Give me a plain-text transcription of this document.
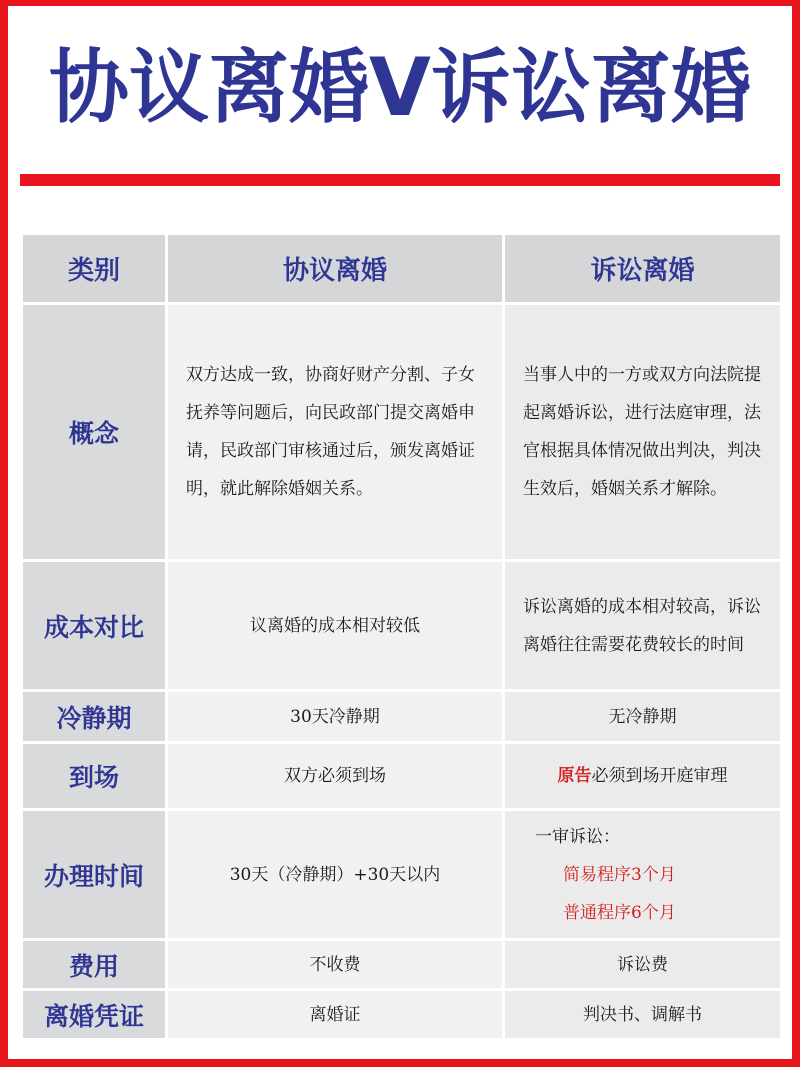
协议离婚V诉讼离婚
类别	协议离婚	诉讼离婚
概念	双方达成一致，协商好财产分割、子女抚养等问题后，向民政部门提交离婚申请，民政部门审核通过后，颁发离婚证明，就此解除婚姻关系。	当事人中的一方或双方向法院提起离婚诉讼，进行法庭审理，法官根据具体情况做出判决，判决生效后，婚姻关系才解除。
成本对比	议离婚的成本相对较低	诉讼离婚的成本相对较高，诉讼离婚往往需要花费较长的时间
冷静期	30天冷静期	无冷静期
到场	双方必须到场	原告必须到场开庭审理
办理时间	30天（冷静期）+30天以内	一审诉讼：
简易程序3个月
普通程序6个月

费用	不收费	诉讼费
离婚凭证	离婚证	判决书、调解书
